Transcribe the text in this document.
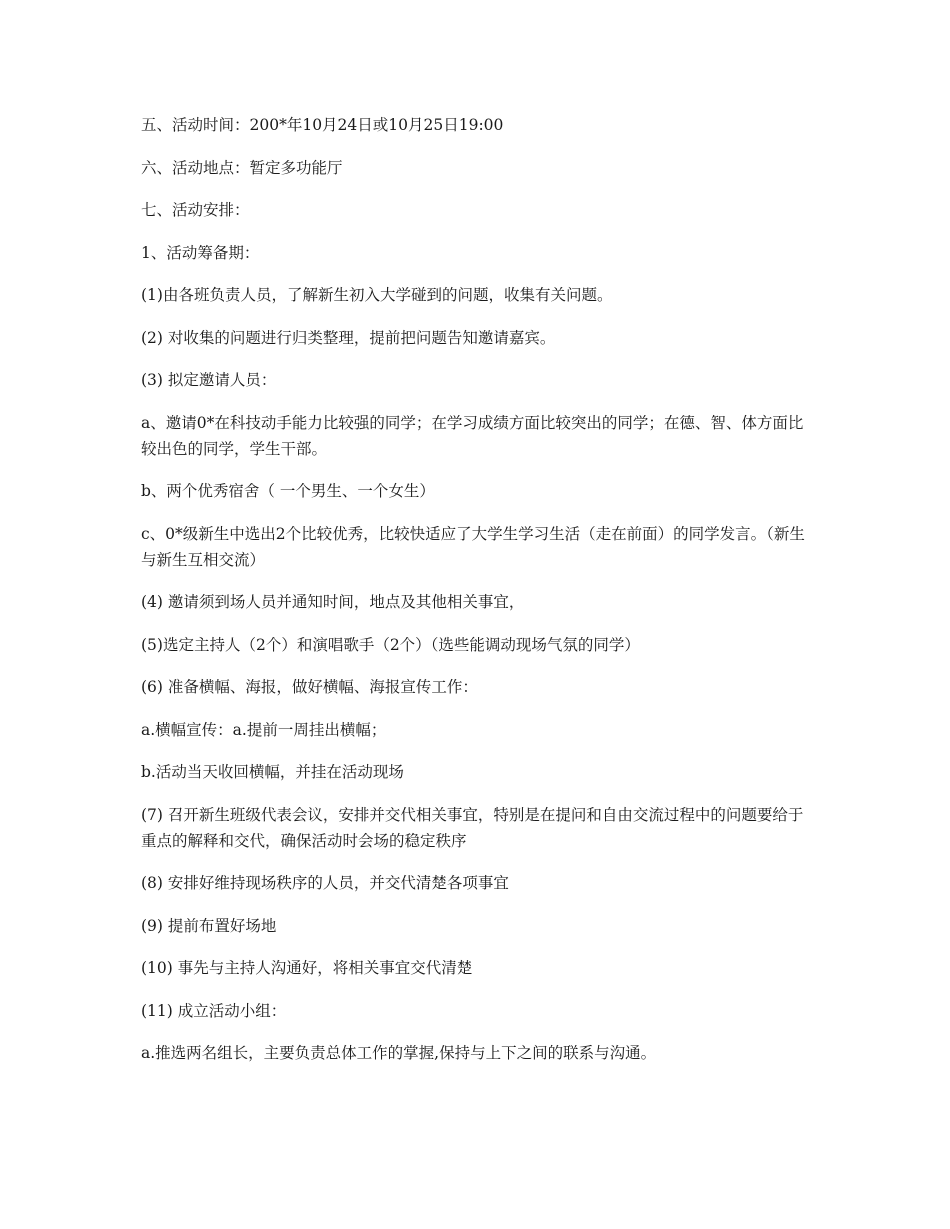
五、活动时间：200*年10月24日或10月25日19:00

六、活动地点：暂定多功能厅

七、活动安排：

1、活动筹备期：

(1)由各班负责人员，了解新生初入大学碰到的问题，收集有关问题。

(2) 对收集的问题进行归类整理，提前把问题告知邀请嘉宾。

(3) 拟定邀请人员：

a、邀请0*在科技动手能力比较强的同学；在学习成绩方面比较突出的同学；在德、智、体方面比较出色的同学，学生干部。

b、两个优秀宿舍（ 一个男生、一个女生）

c、0*级新生中选出2个比较优秀，比较快适应了大学生学习生活（走在前面）的同学发言。（新生与新生互相交流）

(4) 邀请须到场人员并通知时间，地点及其他相关事宜，

(5)选定主持人（2个）和演唱歌手（2个）（选些能调动现场气氛的同学）

(6) 准备横幅、海报，做好横幅、海报宣传工作：

a.横幅宣传：a.提前一周挂出横幅；

b.活动当天收回横幅，并挂在活动现场

(7) 召开新生班级代表会议，安排并交代相关事宜，特别是在提问和自由交流过程中的问题要给于重点的解释和交代，确保活动时会场的稳定秩序

(8) 安排好维持现场秩序的人员，并交代清楚各项事宜

(9) 提前布置好场地

(10) 事先与主持人沟通好，将相关事宜交代清楚

(11) 成立活动小组：

a.推选两名组长，主要负责总体工作的掌握,保持与上下之间的联系与沟通。
